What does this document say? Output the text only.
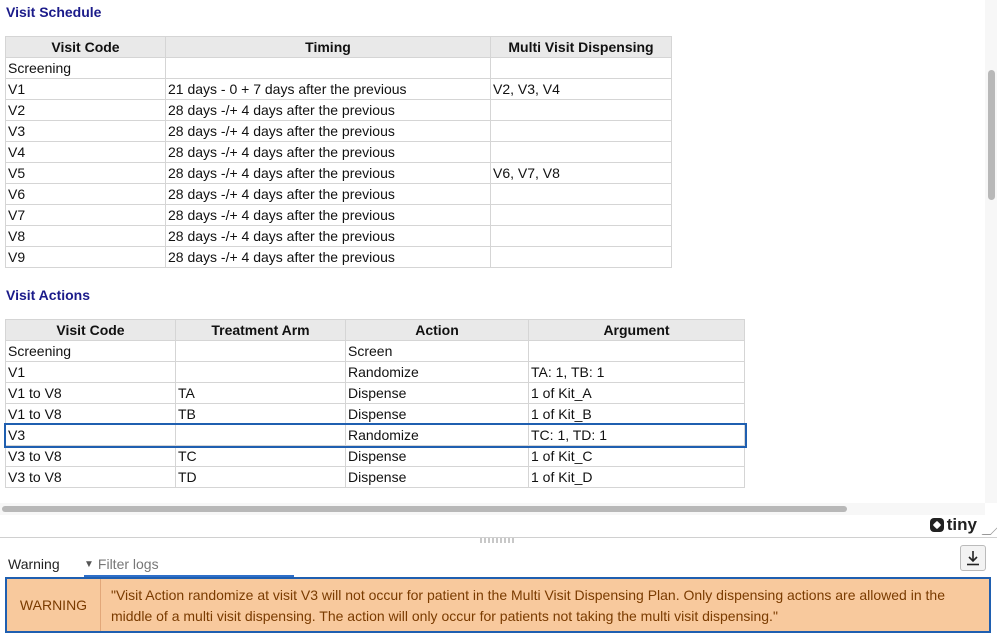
Visit Schedule
Visit Code	Timing	Multi Visit Dispensing
Screening		
V1	21 days - 0 + 7 days after the previous	V2, V3, V4
V2	28 days -/+ 4 days after the previous	
V3	28 days -/+ 4 days after the previous	
V4	28 days -/+ 4 days after the previous	
V5	28 days -/+ 4 days after the previous	V6, V7, V8
V6	28 days -/+ 4 days after the previous	
V7	28 days -/+ 4 days after the previous	
V8	28 days -/+ 4 days after the previous	
V9	28 days -/+ 4 days after the previous	
Visit Actions
Visit Code	Treatment Arm	Action	Argument
Screening		Screen	
V1		Randomize	TA: 1, TB: 1
V1 to V8	TA	Dispense	1 of Kit_A
V1 to V8	TB	Dispense	1 of Kit_B
V3		Randomize	TC: 1, TD: 1
V3 to V8	TC	Dispense	1 of Kit_C
V3 to V8	TD	Dispense	1 of Kit_D
tiny
Warning ▼ Filter logs
WARNING
"Visit Action randomize at visit V3 will not occur for patient in the Multi Visit Dispensing Plan. Only dispensing actions are allowed in the middle of a multi visit dispensing. The action will only occur for patients not taking the multi visit dispensing."
